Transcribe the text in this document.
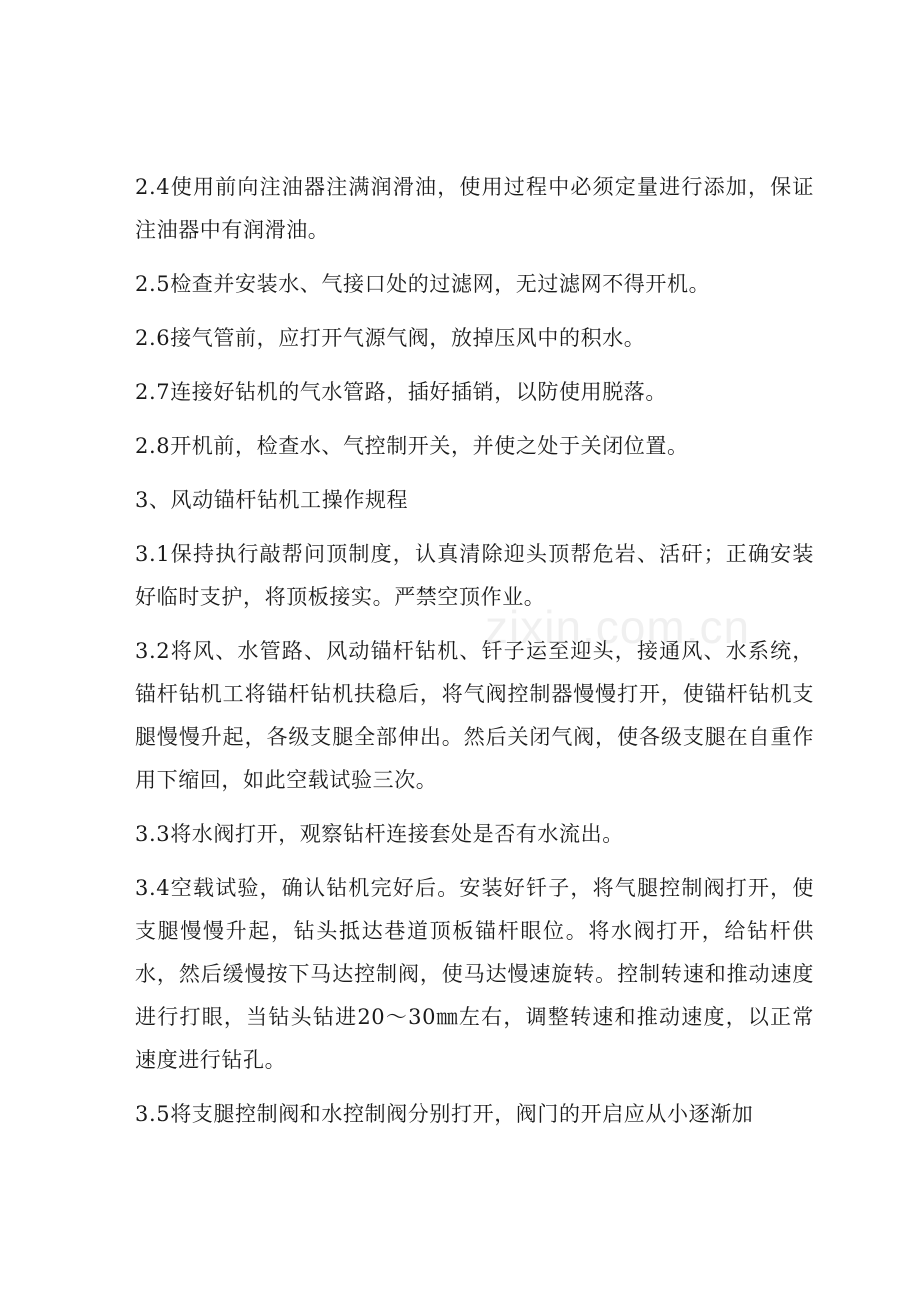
2.4使用前向注油器注满润滑油，使用过程中必须定量进行添加，保证注油器中有润滑油。

2.5检查并安装水、气接口处的过滤网，无过滤网不得开机。

2.6接气管前，应打开气源气阀，放掉压风中的积水。

2.7连接好钻机的气水管路，插好插销，以防使用脱落。

2.8开机前，检查水、气控制开关，并使之处于关闭位置。

3、风动锚杆钻机工操作规程

3.1保持执行敲帮问顶制度，认真清除迎头顶帮危岩、活矸；正确安装好临时支护，将顶板接实。严禁空顶作业。

3.2将风、水管路、风动锚杆钻机、钎子运至迎头，接通风、水系统，锚杆钻机工将锚杆钻机扶稳后，将气阀控制器慢慢打开，使锚杆钻机支腿慢慢升起，各级支腿全部伸出。然后关闭气阀，使各级支腿在自重作用下缩回，如此空载试验三次。

3.3将水阀打开，观察钻杆连接套处是否有水流出。

3.4空载试验，确认钻机完好后。安装好钎子，将气腿控制阀打开，使支腿慢慢升起，钻头抵达巷道顶板锚杆眼位。将水阀打开，给钻杆供水，然后缓慢按下马达控制阀，使马达慢速旋转。控制转速和推动速度进行打眼，当钻头钻进20～30㎜左右，调整转速和推动速度，以正常速度进行钻孔。

3.5将支腿控制阀和水控制阀分别打开，阀门的开启应从小逐渐加

zixin.com.cn
